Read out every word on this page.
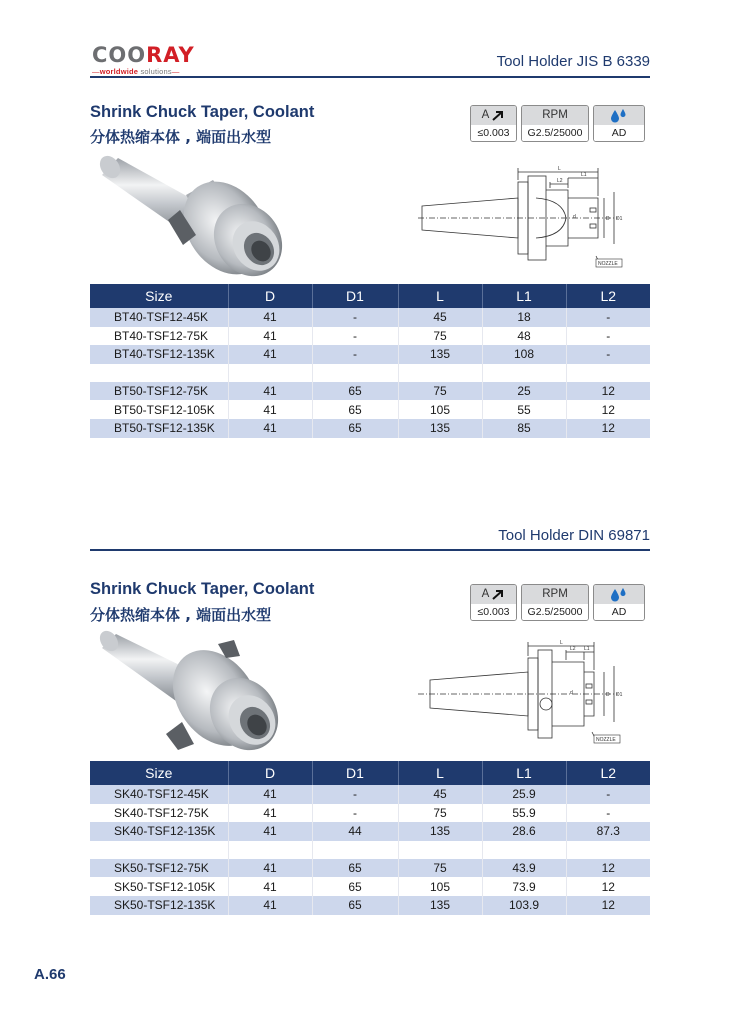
COORAY
—worldwide solutions—
Tool Holder JIS B 6339
Shrink Chuck Taper, Coolant
分体热缩本体 , 端面出水型
A
≤0.003
RPM
G2.5/25000	AD
L
L1
L2
D D1
d
NOZZLE
Size	D	D1	L	L1	L2
BT40-TSF12-45K	41	-	45	18	-
BT40-TSF12-75K	41	-	75	48	-
BT40-TSF12-135K	41	-	135	108	-

BT50-TSF12-75K	41	65	75	25	12
BT50-TSF12-105K	41	65	105	55	12
BT50-TSF12-135K	41	65	135	85	12
Tool Holder DIN 69871
Shrink Chuck Taper, Coolant
分体热缩本体 , 端面出水型
A
≤0.003
RPM
G2.5/25000	AD
L
L1
L2
D D1
d
NOZZLE
Size	D	D1	L	L1	L2
SK40-TSF12-45K	41	-	45	25.9	-
SK40-TSF12-75K	41	-	75	55.9	-
SK40-TSF12-135K	41	44	135	28.6	87.3

SK50-TSF12-75K	41	65	75	43.9	12
SK50-TSF12-105K	41	65	105	73.9	12
SK50-TSF12-135K	41	65	135	103.9	12
A.66
